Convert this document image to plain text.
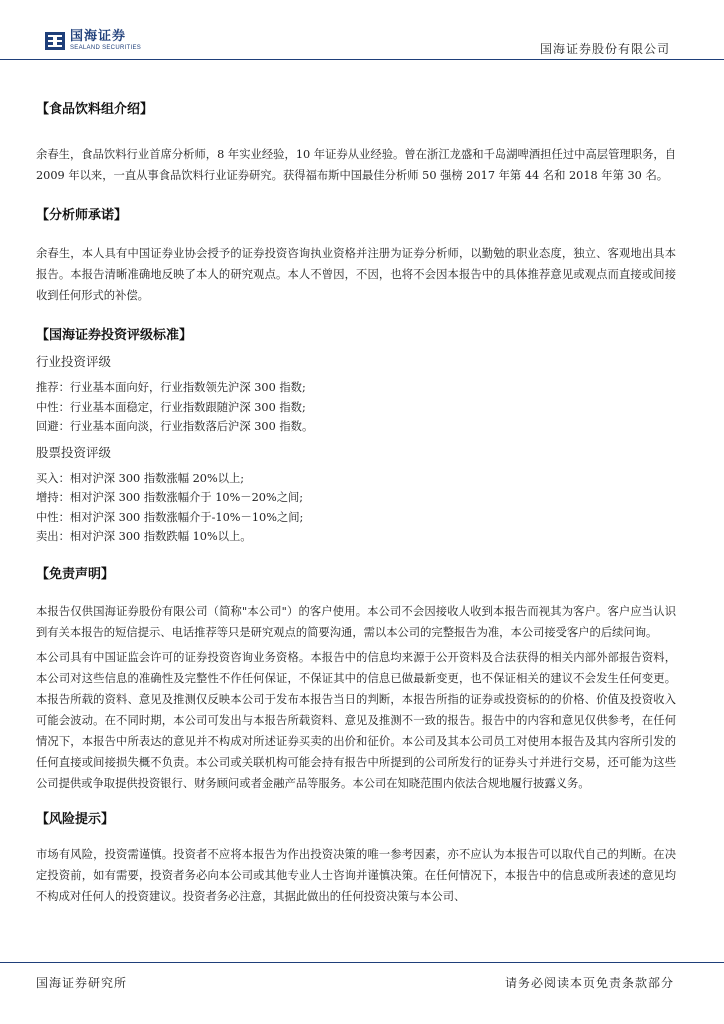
国海证券
SEALAND SECURITIES	国海证券股份有限公司
【食品饮料组介绍】

余春生，食品饮料行业首席分析师，8 年实业经验，10 年证券从业经验。曾在浙江龙盛和千岛湖啤酒担任过中高层管理职务，自 2009 年以来，一直从事食品饮料行业证券研究。获得福布斯中国最佳分析师 50 强榜 2017 年第 44 名和 2018 年第 30 名。

【分析师承诺】

余春生，本人具有中国证券业协会授予的证券投资咨询执业资格并注册为证券分析师，以勤勉的职业态度，独立、客观地出具本报告。本报告清晰准确地反映了本人的研究观点。本人不曾因，不因，也将不会因本报告中的具体推荐意见或观点而直接或间接收到任何形式的补偿。

【国海证券投资评级标准】

行业投资评级

推荐：行业基本面向好，行业指数领先沪深 300 指数;

中性：行业基本面稳定，行业指数跟随沪深 300 指数;

回避：行业基本面向淡，行业指数落后沪深 300 指数。

股票投资评级

买入：相对沪深 300 指数涨幅 20%以上;

增持：相对沪深 300 指数涨幅介于 10%－20%之间;

中性：相对沪深 300 指数涨幅介于-10%－10%之间;

卖出：相对沪深 300 指数跌幅 10%以上。

【免责声明】

本报告仅供国海证券股份有限公司（简称"本公司"）的客户使用。本公司不会因接收人收到本报告而视其为客户。客户应当认识到有关本报告的短信提示、电话推荐等只是研究观点的简要沟通，需以本公司的完整报告为准，本公司接受客户的后续问询。

本公司具有中国证监会许可的证券投资咨询业务资格。本报告中的信息均来源于公开资料及合法获得的相关内部外部报告资料，本公司对这些信息的准确性及完整性不作任何保证，不保证其中的信息已做最新变更，也不保证相关的建议不会发生任何变更。本报告所载的资料、意见及推测仅反映本公司于发布本报告当日的判断，本报告所指的证券或投资标的的价格、价值及投资收入可能会波动。在不同时期，本公司可发出与本报告所载资料、意见及推测不一致的报告。报告中的内容和意见仅供参考，在任何情况下，本报告中所表达的意见并不构成对所述证券买卖的出价和征价。本公司及其本公司员工对使用本报告及其内容所引发的任何直接或间接损失概不负责。本公司或关联机构可能会持有报告中所提到的公司所发行的证券头寸并进行交易，还可能为这些公司提供或争取提供投资银行、财务顾问或者金融产品等服务。本公司在知晓范围内依法合规地履行披露义务。

【风险提示】

市场有风险，投资需谨慎。投资者不应将本报告为作出投资决策的唯一参考因素，亦不应认为本报告可以取代自己的判断。在决定投资前，如有需要，投资者务必向本公司或其他专业人士咨询并谨慎决策。在任何情况下，本报告中的信息或所表述的意见均不构成对任何人的投资建议。投资者务必注意，其据此做出的任何投资决策与本公司、

国海证券研究所	请务必阅读本页免责条款部分
